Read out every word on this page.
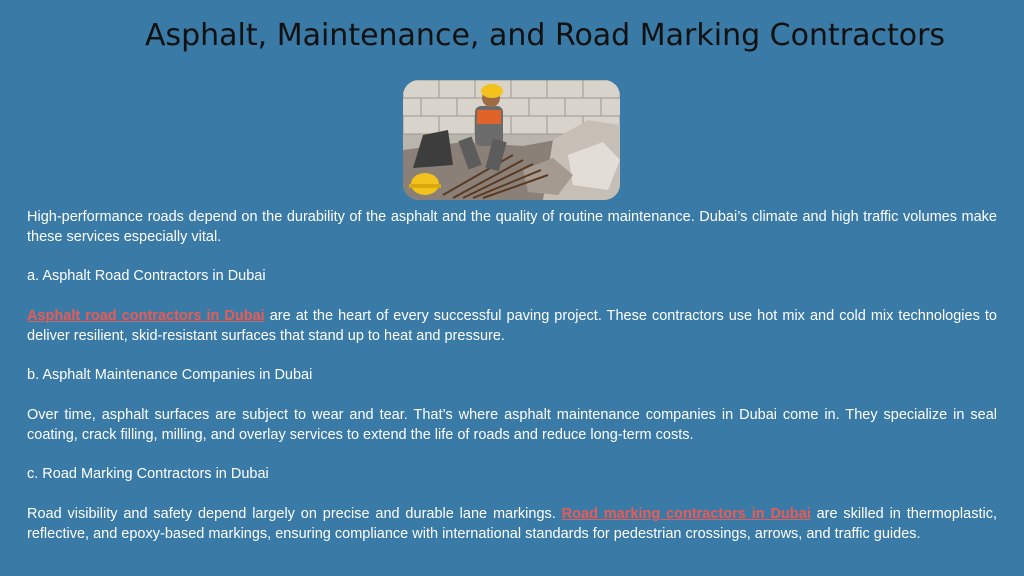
Asphalt, Maintenance, and Road Marking Contractors

High-performance roads depend on the durability of the asphalt and the quality of routine maintenance. Dubai’s climate and high traffic volumes make these services especially vital.

a. Asphalt Road Contractors in Dubai

Asphalt road contractors in Dubai are at the heart of every successful paving project. These contractors use hot mix and cold mix technologies to deliver resilient, skid-resistant surfaces that stand up to heat and pressure.

b. Asphalt Maintenance Companies in Dubai

Over time, asphalt surfaces are subject to wear and tear. That’s where asphalt maintenance companies in Dubai come in. They specialize in seal coating, crack filling, milling, and overlay services to extend the life of roads and reduce long-term costs.

c. Road Marking Contractors in Dubai

Road visibility and safety depend largely on precise and durable lane markings. Road marking contractors in Dubai are skilled in thermoplastic, reflective, and epoxy-based markings, ensuring compliance with international standards for pedestrian crossings, arrows, and traffic guides.
